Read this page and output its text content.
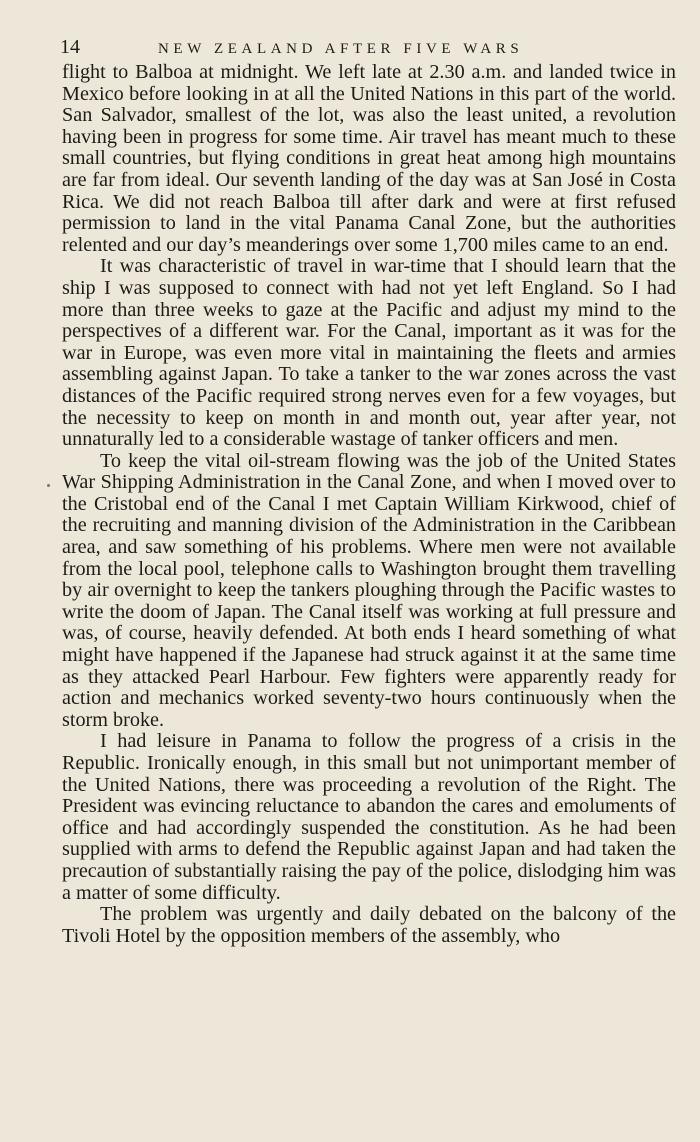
14	NEW ZEALAND AFTER FIVE WARS

flight to Balboa at midnight. We left late at 2.30 a.m. and landed twice in Mexico before looking in at all the United Nations in this part of the world. San Salvador, smallest of the lot, was also the least united, a revolution having been in progress for some time. Air travel has meant much to these small countries, but flying conditions in great heat among high mountains are far from ideal. Our seventh landing of the day was at San José in Costa Rica. We did not reach Balboa till after dark and were at first refused permission to land in the vital Panama Canal Zone, but the authorities relented and our day’s meanderings over some 1,700 miles came to an end.

It was characteristic of travel in war-time that I should learn that the ship I was supposed to connect with had not yet left England. So I had more than three weeks to gaze at the Pacific and adjust my mind to the perspectives of a different war. For the Canal, important as it was for the war in Europe, was even more vital in maintaining the fleets and armies assembling against Japan. To take a tanker to the war zones across the vast distances of the Pacific required strong nerves even for a few voyages, but the necessity to keep on month in and month out, year after year, not unnaturally led to a considerable wastage of tanker officers and men.

To keep the vital oil-stream flowing was the job of the United States War Shipping Administration in the Canal Zone, and when I moved over to the Cristobal end of the Canal I met Captain William Kirkwood, chief of the recruiting and manning division of the Administration in the Caribbean area, and saw something of his problems. Where men were not available from the local pool, telephone calls to Washington brought them travelling by air overnight to keep the tankers ploughing through the Pacific wastes to write the doom of Japan. The Canal itself was working at full pressure and was, of course, heavily defended. At both ends I heard something of what might have happened if the Japanese had struck against it at the same time as they attacked Pearl Harbour. Few fighters were apparently ready for action and mechanics worked seventy-two hours continuously when the storm broke.

I had leisure in Panama to follow the progress of a crisis in the Republic. Ironically enough, in this small but not unimportant member of the United Nations, there was proceeding a revolution of the Right. The President was evincing reluctance to abandon the cares and emoluments of office and had accordingly suspended the constitution. As he had been supplied with arms to defend the Republic against Japan and had taken the precaution of substantially raising the pay of the police, dislodging him was a matter of some difficulty.

The problem was urgently and daily debated on the balcony of the Tivoli Hotel by the opposition members of the assembly, who
